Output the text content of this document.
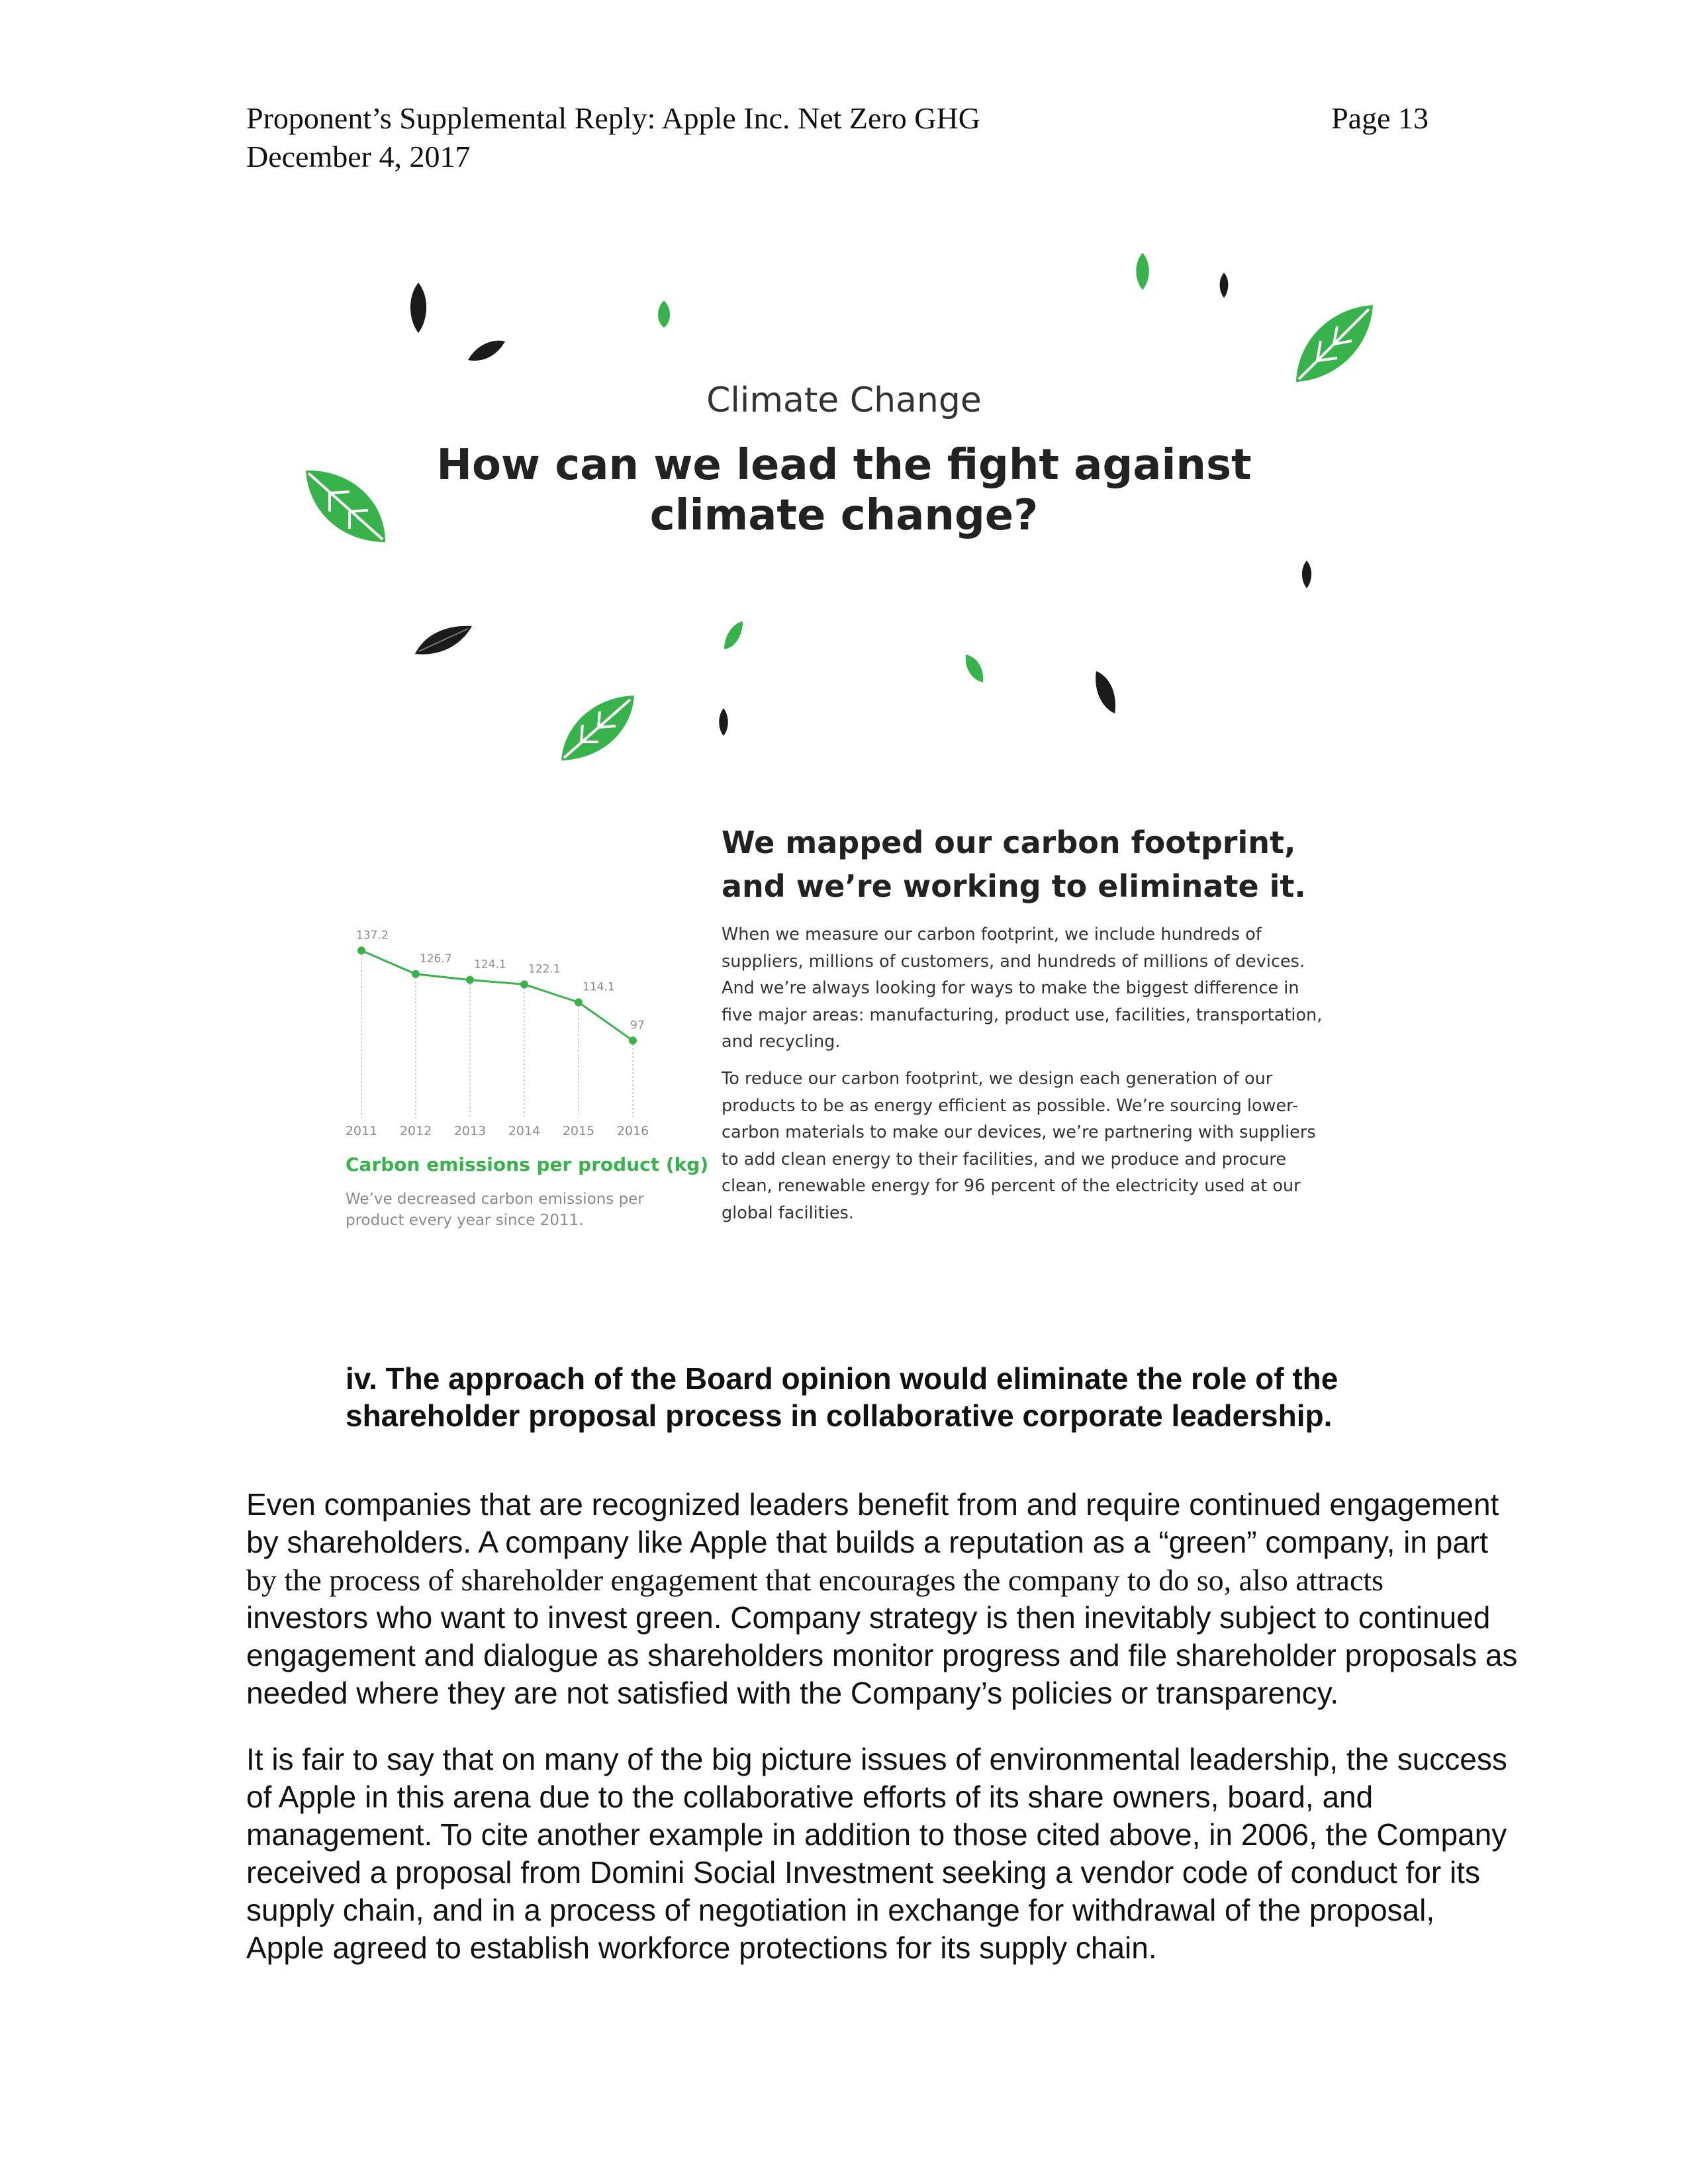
Proponent’s Supplemental Reply: Apple Inc. Net Zero GHG
December 4, 2017
Page 13
Climate Change
How can we lead the fight against
climate change?
137.2
126.7 124.1 122.1
114.1
97
2011 2012 2013 2014 2015 2016
Carbon emissions per product (kg)
We’ve decreased carbon emissions per
product every year since 2011.
We mapped our carbon footprint,
and we’re working to eliminate it.
When we measure our carbon footprint, we include hundreds of
suppliers, millions of customers, and hundreds of millions of devices.
And we’re always looking for ways to make the biggest difference in
five major areas: manufacturing, product use, facilities, transportation,
and recycling.
To reduce our carbon footprint, we design each generation of our
products to be as energy efficient as possible. We’re sourcing lower-
carbon materials to make our devices, we’re partnering with suppliers
to add clean energy to their facilities, and we produce and procure
clean, renewable energy for 96 percent of the electricity used at our
global facilities.
iv. The approach of the Board opinion would eliminate the role of the
shareholder proposal process in collaborative corporate leadership.
Even companies that are recognized leaders benefit from and require continued engagement
by shareholders. A company like Apple that builds a reputation as a “green” company, in part
by the process of shareholder engagement that encourages the company to do so, also attracts
investors who want to invest green. Company strategy is then inevitably subject to continued
engagement and dialogue as shareholders monitor progress and file shareholder proposals as
needed where they are not satisfied with the Company’s policies or transparency.
It is fair to say that on many of the big picture issues of environmental leadership, the success
of Apple in this arena due to the collaborative efforts of its share owners, board, and
management. To cite another example in addition to those cited above, in 2006, the Company
received a proposal from Domini Social Investment seeking a vendor code of conduct for its
supply chain, and in a process of negotiation in exchange for withdrawal of the proposal,
Apple agreed to establish workforce protections for its supply chain.
